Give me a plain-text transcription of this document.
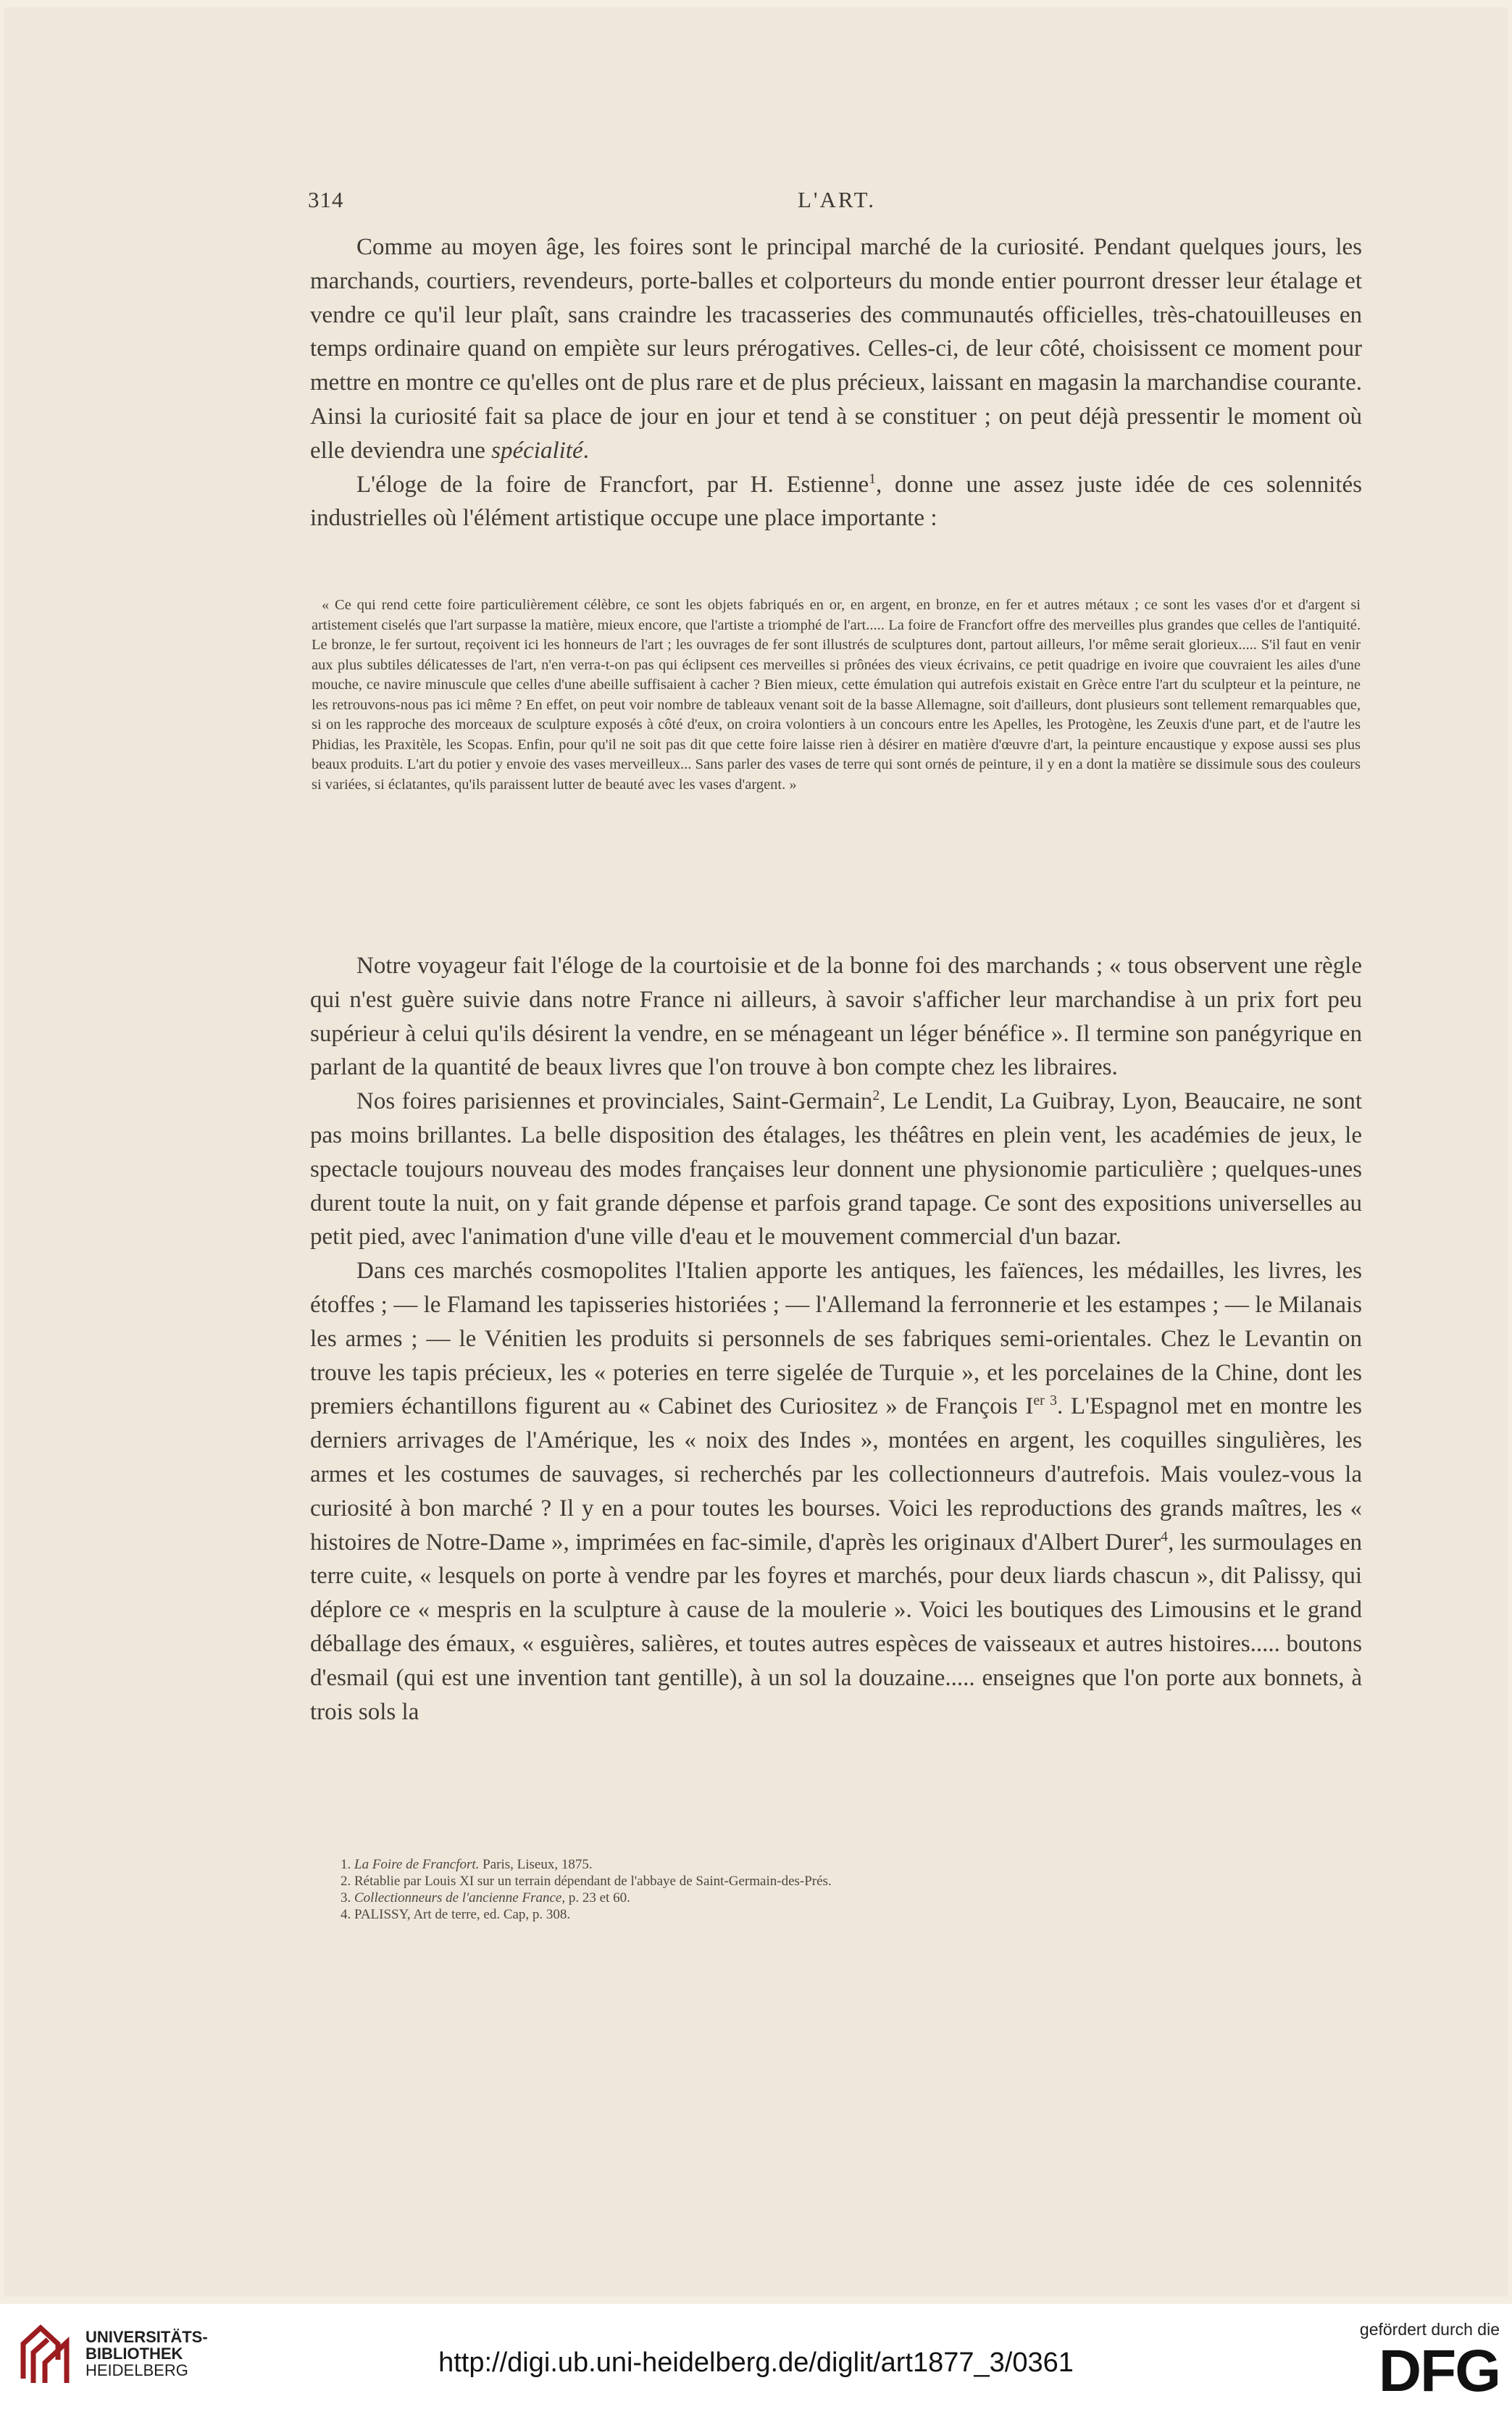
314	L'ART.

Comme au moyen âge, les foires sont le principal marché de la curiosité. Pendant quelques jours, les marchands, courtiers, revendeurs, porte-balles et colporteurs du monde entier pourront dresser leur étalage et vendre ce qu'il leur plaît, sans craindre les tracasseries des communautés officielles, très-chatouilleuses en temps ordinaire quand on empiète sur leurs prérogatives. Celles-ci, de leur côté, choisissent ce moment pour mettre en montre ce qu'elles ont de plus rare et de plus précieux, laissant en magasin la marchandise courante. Ainsi la curiosité fait sa place de jour en jour et tend à se constituer ; on peut déjà pressentir le moment où elle deviendra une spécialité.

L'éloge de la foire de Francfort, par H. Estienne$^1$, donne une assez juste idée de ces solennités industrielles où l'élément artistique occupe une place importante :

« Ce qui rend cette foire particulièrement célèbre, ce sont les objets fabriqués en or, en argent, en bronze, en fer et autres métaux ; ce sont les vases d'or et d'argent si artistement ciselés que l'art surpasse la matière, mieux encore, que l'artiste a triomphé de l'art..... La foire de Francfort offre des merveilles plus grandes que celles de l'antiquité. Le bronze, le fer surtout, reçoivent ici les honneurs de l'art ; les ouvrages de fer sont illustrés de sculptures dont, partout ailleurs, l'or même serait glorieux..... S'il faut en venir aux plus subtiles délicatesses de l'art, n'en verra-t-on pas qui éclipsent ces merveilles si prônées des vieux écrivains, ce petit quadrige en ivoire que couvraient les ailes d'une mouche, ce navire minuscule que celles d'une abeille suffisaient à cacher ? Bien mieux, cette émulation qui autrefois existait en Grèce entre l'art du sculpteur et la peinture, ne les retrouvons-nous pas ici même ? En effet, on peut voir nombre de tableaux venant soit de la basse Allemagne, soit d'ailleurs, dont plusieurs sont tellement remarquables que, si on les rapproche des morceaux de sculpture exposés à côté d'eux, on croira volontiers à un concours entre les Apelles, les Protogène, les Zeuxis d'une part, et de l'autre les Phidias, les Praxitèle, les Scopas. Enfin, pour qu'il ne soit pas dit que cette foire laisse rien à désirer en matière d'œuvre d'art, la peinture encaustique y expose aussi ses plus beaux produits. L'art du potier y envoie des vases merveilleux... Sans parler des vases de terre qui sont ornés de peinture, il y en a dont la matière se dissimule sous des couleurs si variées, si éclatantes, qu'ils paraissent lutter de beauté avec les vases d'argent. »

Notre voyageur fait l'éloge de la courtoisie et de la bonne foi des marchands ; « tous observent une règle qui n'est guère suivie dans notre France ni ailleurs, à savoir s'afficher leur marchandise à un prix fort peu supérieur à celui qu'ils désirent la vendre, en se ménageant un léger bénéfice ». Il termine son panégyrique en parlant de la quantité de beaux livres que l'on trouve à bon compte chez les libraires.

Nos foires parisiennes et provinciales, Saint-Germain$^2$, Le Lendit, La Guibray, Lyon, Beaucaire, ne sont pas moins brillantes. La belle disposition des étalages, les théâtres en plein vent, les académies de jeux, le spectacle toujours nouveau des modes françaises leur donnent une physionomie particulière ; quelques-unes durent toute la nuit, on y fait grande dépense et parfois grand tapage. Ce sont des expositions universelles au petit pied, avec l'animation d'une ville d'eau et le mouvement commercial d'un bazar.

Dans ces marchés cosmopolites l'Italien apporte les antiques, les faïences, les médailles, les livres, les étoffes ; — le Flamand les tapisseries historiées ; — l'Allemand la ferronnerie et les estampes ; — le Milanais les armes ; — le Vénitien les produits si personnels de ses fabriques semi-orientales. Chez le Levantin on trouve les tapis précieux, les « poteries en terre sigelée de Turquie », et les porcelaines de la Chine, dont les premiers échantillons figurent au « Cabinet des Curiositez » de François $I^{er 3}$. L'Espagnol met en montre les derniers arrivages de l'Amérique, les « noix des Indes », montées en argent, les coquilles singulières, les armes et les costumes de sauvages, si recherchés par les collectionneurs d'autrefois. Mais voulez-vous la curiosité à bon marché ? Il y en a pour toutes les bourses. Voici les reproductions des grands maîtres, les « histoires de Notre-Dame », imprimées en fac-simile, d'après les originaux d'Albert Durer$^4$, les surmoulages en terre cuite, « lesquels on porte à vendre par les foyres et marchés, pour deux liards chascun », dit Palissy, qui déplore ce « mespris en la sculpture à cause de la moulerie ». Voici les boutiques des Limousins et le grand déballage des émaux, « esguières, salières, et toutes autres espèces de vaisseaux et autres histoires..... boutons d'esmail (qui est une invention tant gentille), à un sol la douzaine..... enseignes que l'on porte aux bonnets, à trois sols la

1. La Foire de Francfort. Paris, Liseux, 1875.
2. Rétablie par Louis XI sur un terrain dépendant de l'abbaye de Saint-Germain-des-Prés.
3. Collectionneurs de l'ancienne France, p. 23 et 60.
4. PALISSY, Art de terre, ed. Cap, p. 308.
UNIVERSITÄTS-
BIBLIOTHEK
HEIDELBERG	http://digi.ub.uni-heidelberg.de/diglit/art1877_3/0361
gefördert durch die
DFG
